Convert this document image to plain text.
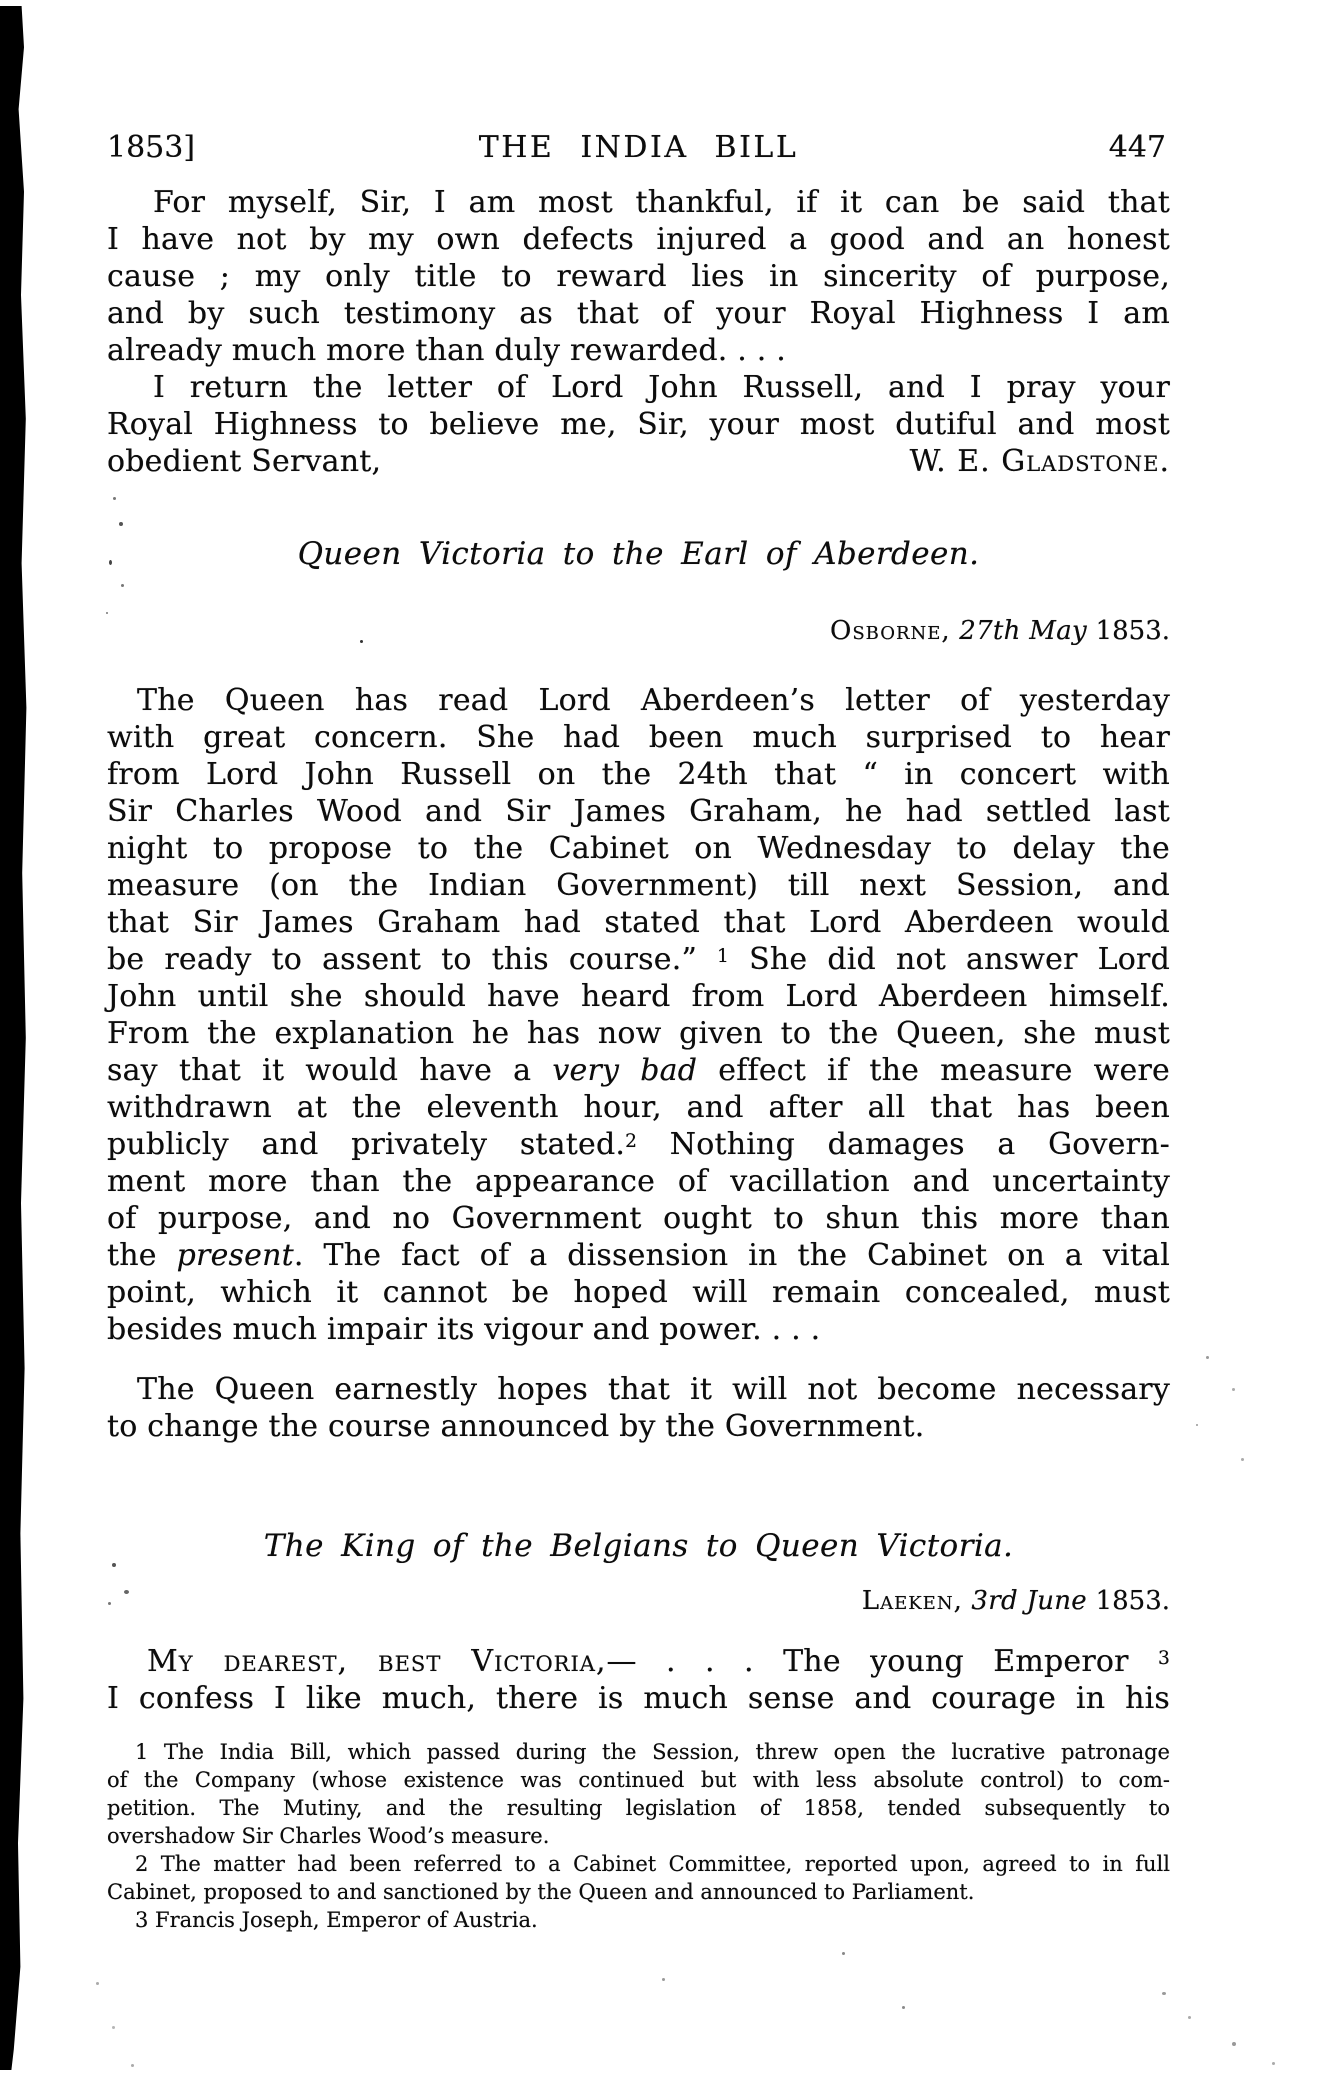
1853]	THE INDIA BILL	447
For myself, Sir, I am most thankful, if it can be said that
I have not by my own defects injured a good and an honest
cause ; my only title to reward lies in sincerity of purpose,
and by such testimony as that of your Royal Highness I am
already much more than duly rewarded. . . .
I return the letter of Lord John Russell, and I pray your
Royal Highness to believe me, Sir, your most dutiful and most
obedient Servant,	W. E. Gladstone.
Queen Victoria to the Earl of Aberdeen.
Osborne, 27th May 1853.
The Queen has read Lord Aberdeen’s letter of yesterday
with great concern. She had been much surprised to hear
from Lord John Russell on the 24th that “ in concert with
Sir Charles Wood and Sir James Graham, he had settled last
night to propose to the Cabinet on Wednesday to delay the
measure (on the Indian Government) till next Session, and
that Sir James Graham had stated that Lord Aberdeen would
be ready to assent to this course.” $^1$ She did not answer Lord
John until she should have heard from Lord Aberdeen himself.
From the explanation he has now given to the Queen, she must
say that it would have a very bad effect if the measure were
withdrawn at the eleventh hour, and after all that has been
publicly and privately stated.$^2$ Nothing damages a Govern-
ment more than the appearance of vacillation and uncertainty
of purpose, and no Government ought to shun this more than
the present. The fact of a dissension in the Cabinet on a vital
point, which it cannot be hoped will remain concealed, must
besides much impair its vigour and power. . . .
The Queen earnestly hopes that it will not become necessary
to change the course announced by the Government.
The King of the Belgians to Queen Victoria.
Laeken, 3rd June 1853.
My dearest, best Victoria,— . . . The young Emperor $^3$
I confess I like much, there is much sense and courage in his
1 The India Bill, which passed during the Session, threw open the lucrative patronage
of the Company (whose existence was continued but with less absolute control) to com-
petition. The Mutiny, and the resulting legislation of 1858, tended subsequently to
overshadow Sir Charles Wood’s measure.
2 The matter had been referred to a Cabinet Committee, reported upon, agreed to in full
Cabinet, proposed to and sanctioned by the Queen and announced to Parliament.
3 Francis Joseph, Emperor of Austria.
